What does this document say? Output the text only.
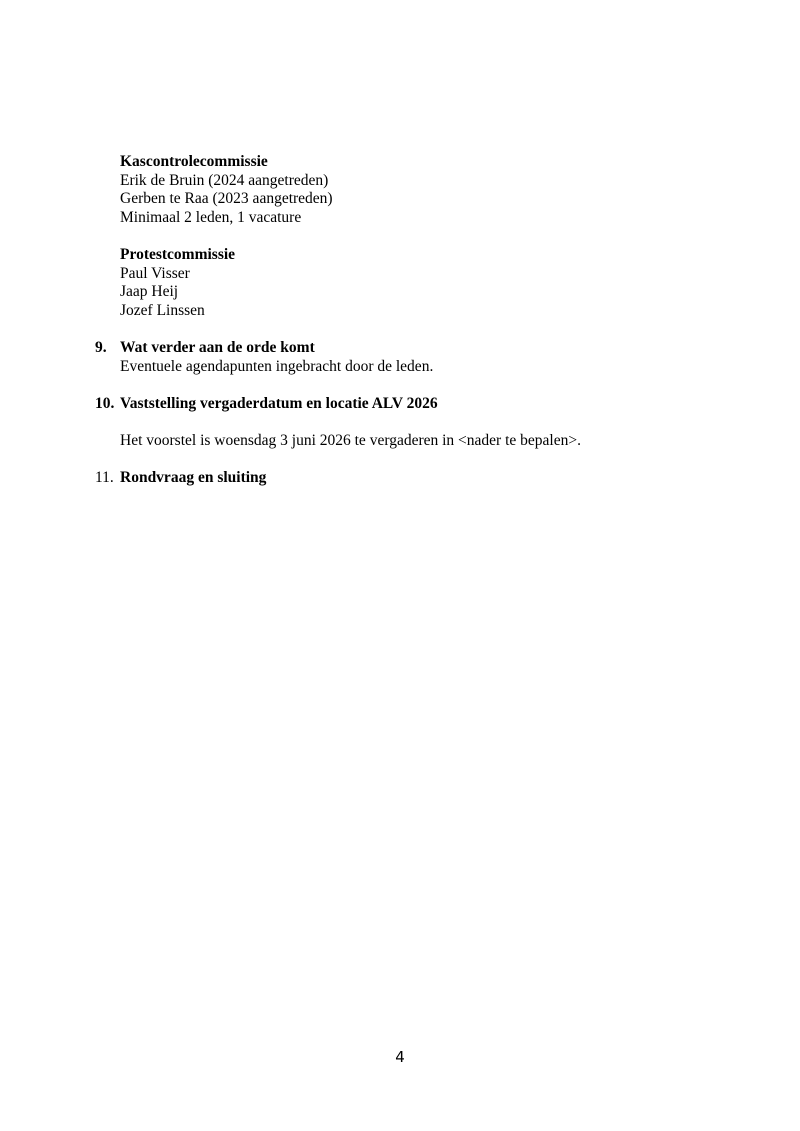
Kascontrolecommissie
Erik de Bruin (2024 aangetreden)
Gerben te Raa (2023 aangetreden)
Minimaal 2 leden, 1 vacature
Protestcommissie
Paul Visser
Jaap Heij
Jozef Linssen
9. Wat verder aan de orde komt
Eventuele agendapunten ingebracht door de leden.
10. Vaststelling vergaderdatum en locatie ALV 2026
Het voorstel is woensdag 3 juni 2026 te vergaderen in <nader te bepalen>.
11. Rondvraag en sluiting
4
